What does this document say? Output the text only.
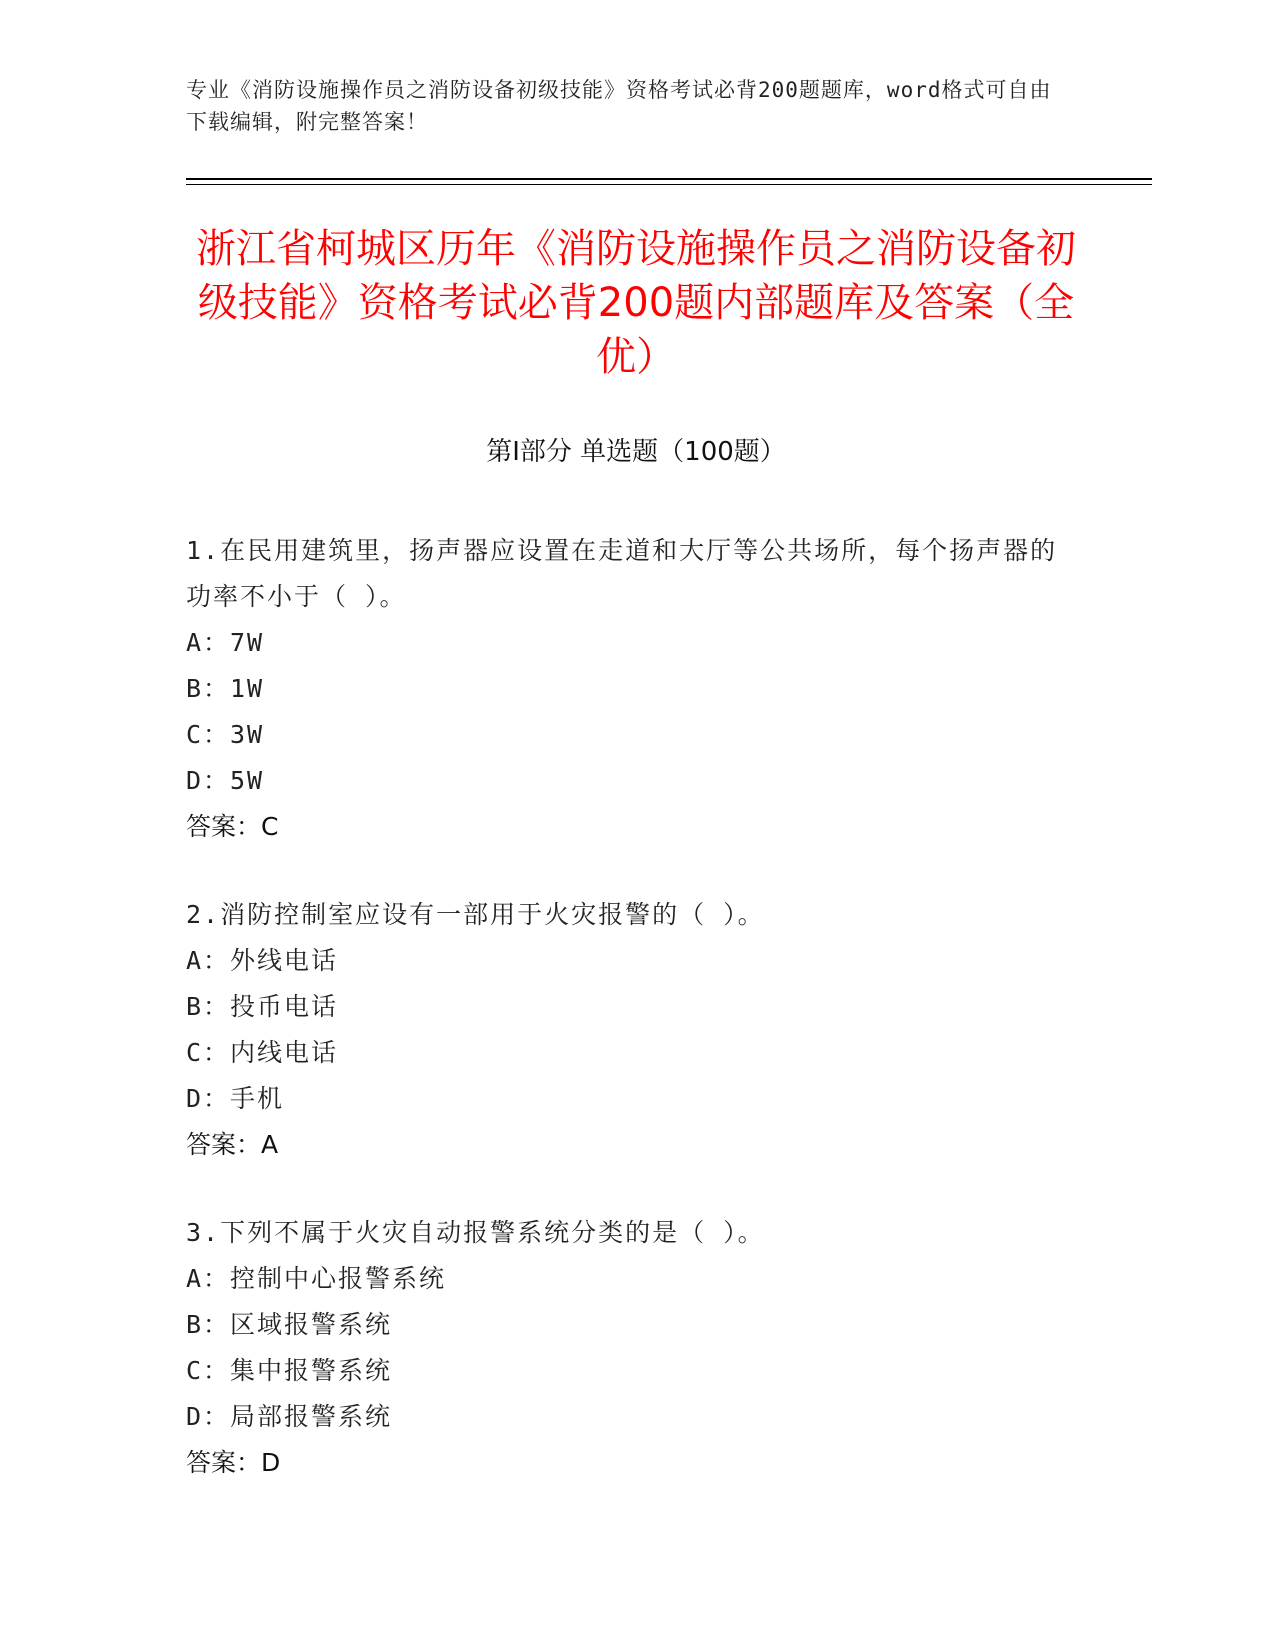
专业《消防设施操作员之消防设备初级技能》资格考试必背200题题库，word格式可自由下载编辑，附完整答案！
浙江省柯城区历年《消防设施操作员之消防设备初级技能》资格考试必背200题内部题库及答案（全优）
第Ⅰ部分 单选题（100题）
1.在民用建筑里，扬声器应设置在走道和大厅等公共场所，每个扬声器的功率不小于（ ）。
A：7W
B：1W
C：3W
D：5W
答案：C
2.消防控制室应设有一部用于火灾报警的（ ）。
A：外线电话
B：投币电话
C：内线电话
D：手机
答案：A
3.下列不属于火灾自动报警系统分类的是（ ）。
A：控制中心报警系统
B：区域报警系统
C：集中报警系统
D：局部报警系统
答案：D
